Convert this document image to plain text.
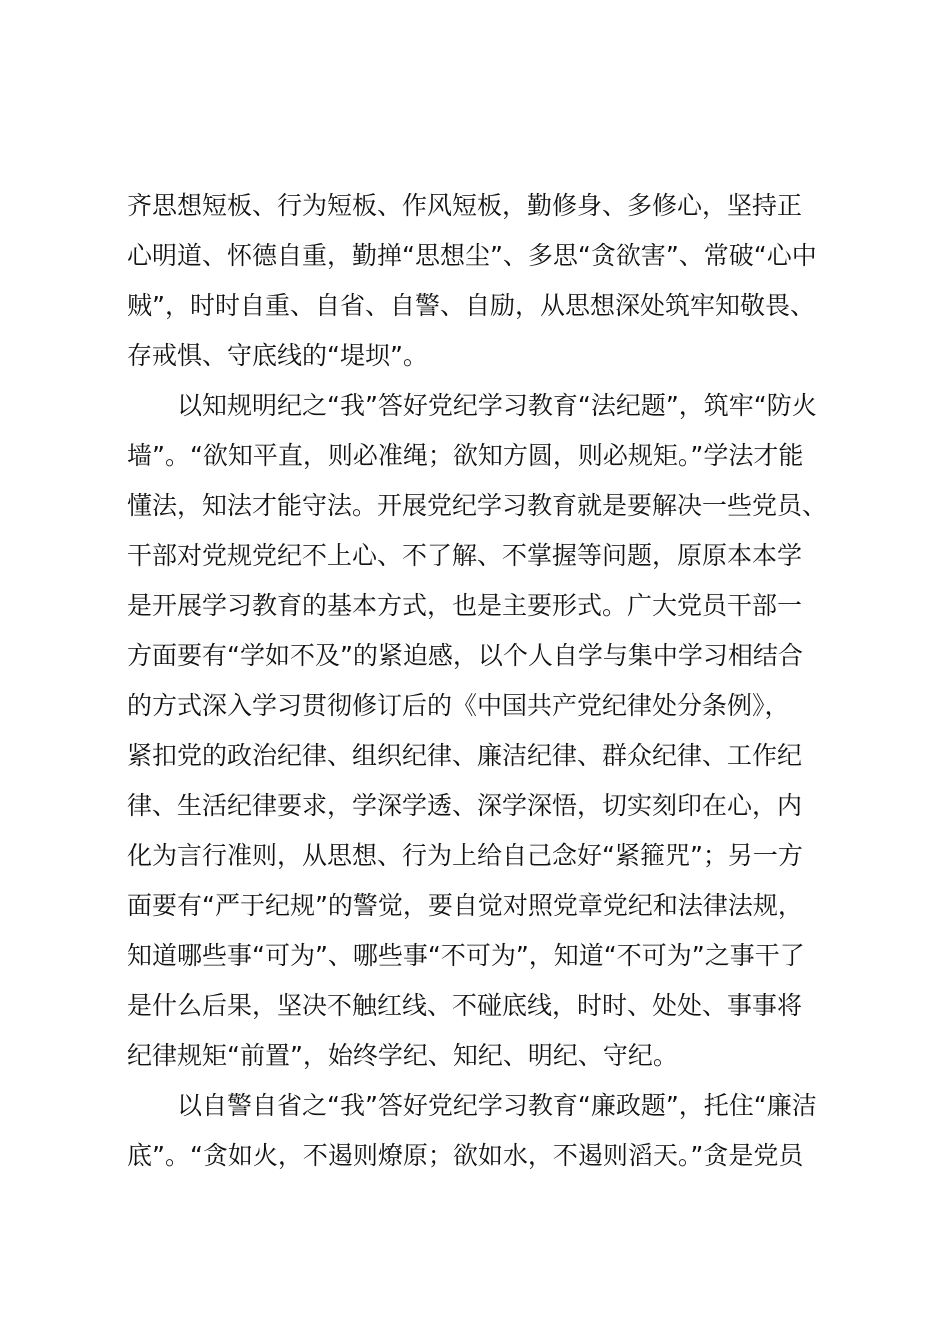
齐思想短板、行为短板、作风短板，勤修身、多修心，坚持正
心明道、怀德自重，勤掸“思想尘”、多思“贪欲害”、常破“心中
贼”，时时自重、自省、自警、自励，从思想深处筑牢知敬畏、
存戒惧、守底线的“堤坝”。
以知规明纪之“我”答好党纪学习教育“法纪题”，筑牢“防火
墙”。“欲知平直，则必准绳；欲知方圆，则必规矩。”学法才能
懂法，知法才能守法。开展党纪学习教育就是要解决一些党员、
干部对党规党纪不上心、不了解、不掌握等问题，原原本本学
是开展学习教育的基本方式，也是主要形式。广大党员干部一
方面要有“学如不及”的紧迫感，以个人自学与集中学习相结合
的方式深入学习贯彻修订后的《中国共产党纪律处分条例》，
紧扣党的政治纪律、组织纪律、廉洁纪律、群众纪律、工作纪
律、生活纪律要求，学深学透、深学深悟，切实刻印在心，内
化为言行准则，从思想、行为上给自己念好“紧箍咒”；另一方
面要有“严于纪规”的警觉，要自觉对照党章党纪和法律法规，
知道哪些事“可为”、哪些事“不可为”，知道“不可为”之事干了
是什么后果，坚决不触红线、不碰底线，时时、处处、事事将
纪律规矩“前置”，始终学纪、知纪、明纪、守纪。
以自警自省之“我”答好党纪学习教育“廉政题”，托住“廉洁
底”。“贪如火，不遏则燎原；欲如水，不遏则滔天。”贪是党员
